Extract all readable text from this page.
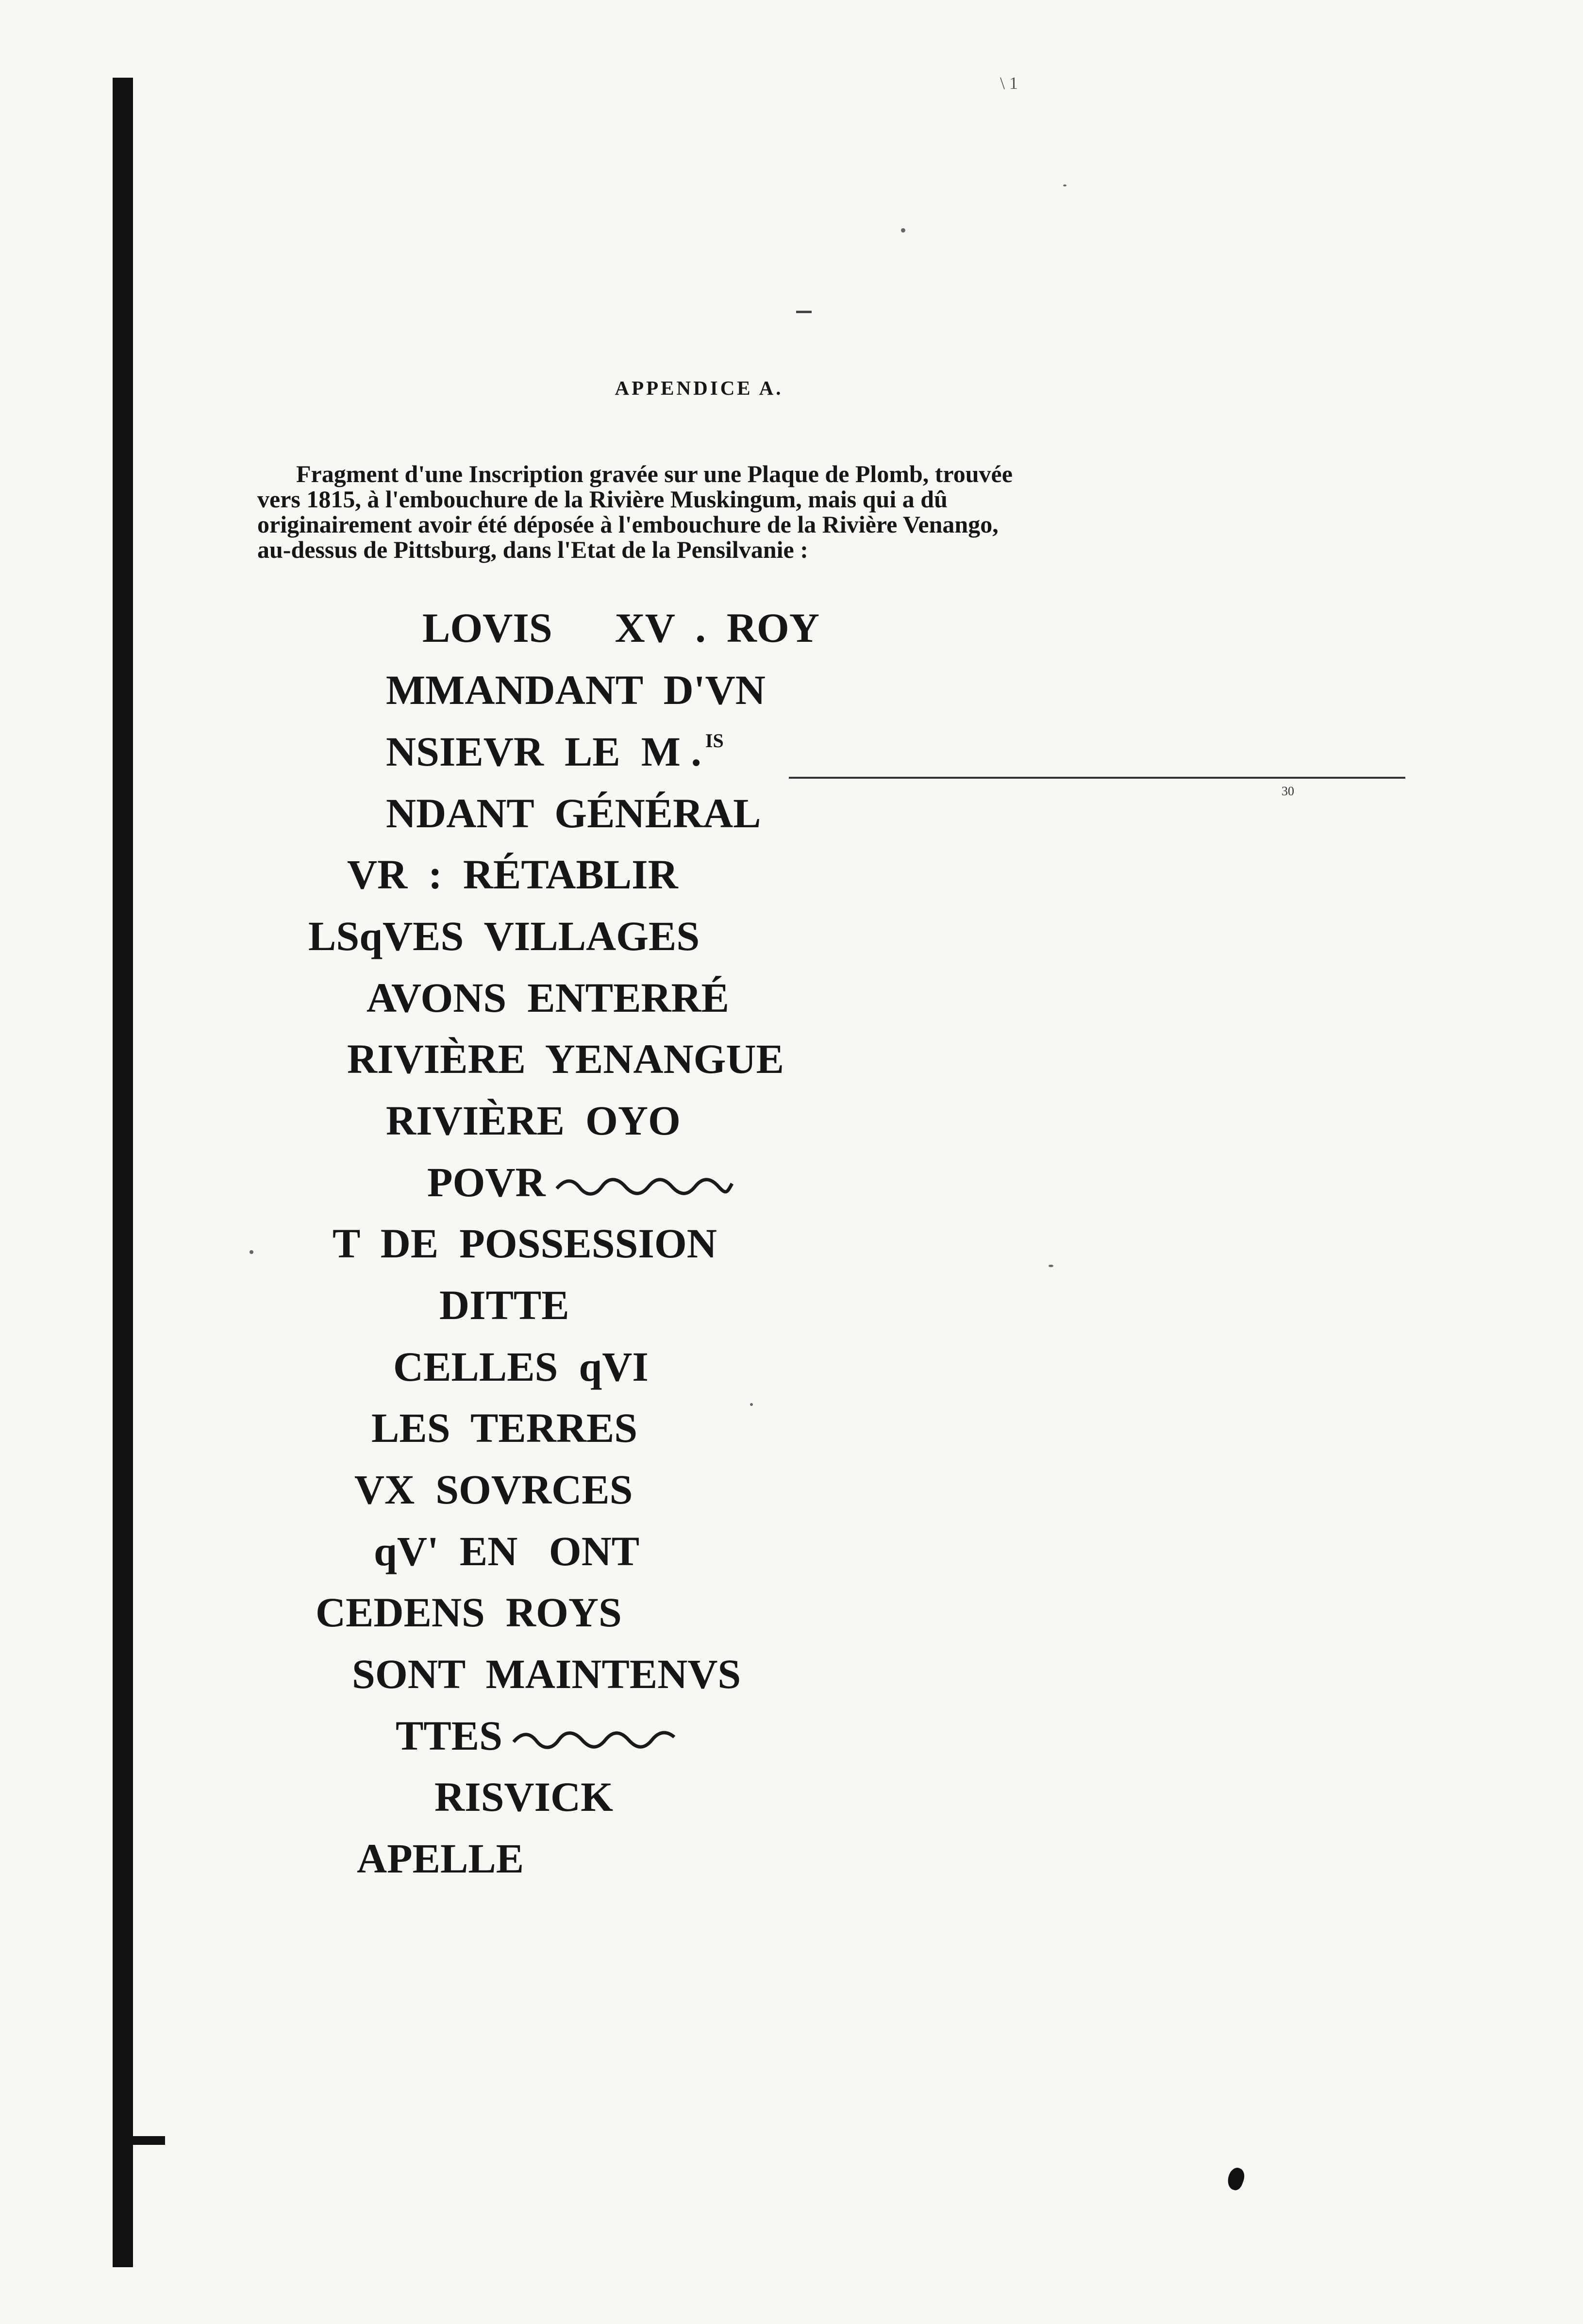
\ 1
APPENDICE A.
Fragment d'une Inscription gravée sur une Plaque de Plomb, trouvée
vers 1815, à l'embouchure de la Rivière Muskingum, mais qui a dû
originairement avoir été déposée à l'embouchure de la Rivière Venango,
au-dessus de Pittsburg, dans l'Etat de la Pensilvanie :
LOVIS      XV  .  ROY
MMANDANT  D'VN
NSIEVR  LE  M . $^{IS}$
NDANT  GÉNÉRAL
VR  :  RÉTABLIR
LSqVES  VILLAGES
AVONS  ENTERRÉ
RIVIÈRE  YENANGUE
RIVIÈRE  OYO
POVR
T  DE  POSSESSION
DITTE
CELLES  qVI
LES  TERRES
VX  SOVRCES
qV'  EN   ONT
CEDENS  ROYS
SONT  MAINTENVS
TTES
RISVICK
APELLE
30
